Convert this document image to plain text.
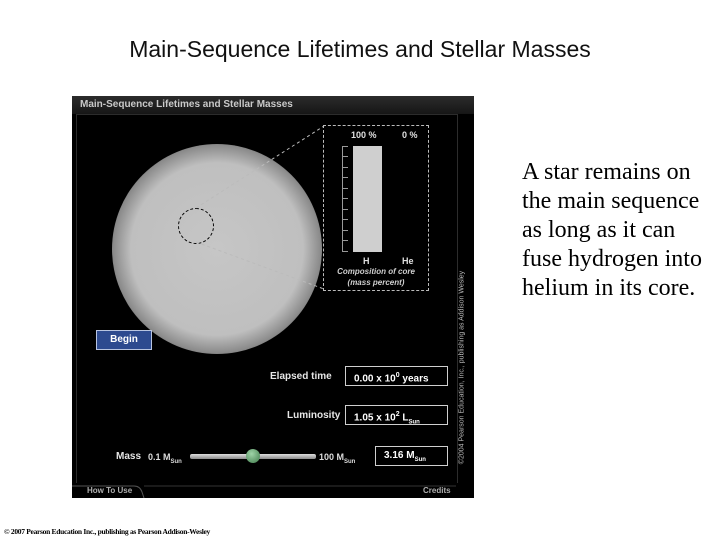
Main-Sequence Lifetimes and Stellar Masses
Main-Sequence Lifetimes and Stellar Masses
100 %	0 %
H	He
Composition of core
(mass percent)
Begin
Elapsed time	0.00 x $10^0$ years
Luminosity	1.05 x $10^2$ $L_{Sun}$
Mass 0.1 $M_{Sun}$	100 $M_{Sun}$
3.16 $M_{Sun}$	©2004 Pearson Education, Inc., publishing as Addison Wesley
How To Use	Credits
A star remains on the main sequence as long as it can fuse hydrogen into helium in its core.
© 2007 Pearson Education Inc., publishing as Pearson Addison-Wesley
